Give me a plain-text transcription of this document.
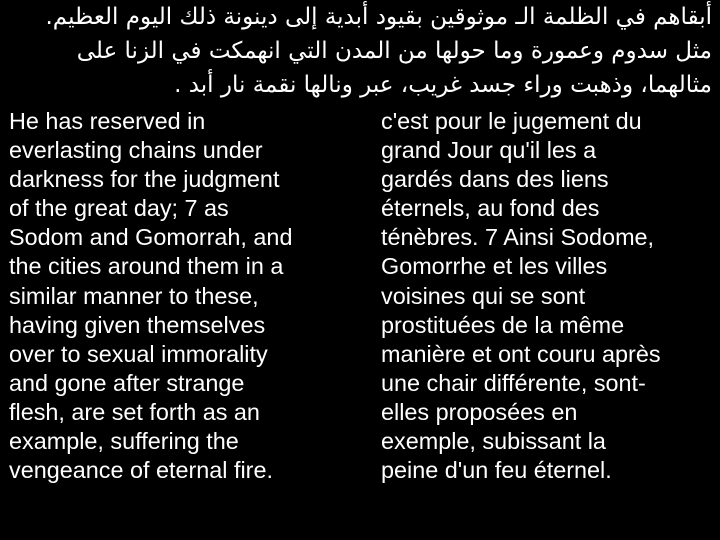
أبقاهم في الظلمة الـ موثوقين بقيود أبدية إلى دينونة ذلك اليوم العظيم.
مثل سدوم وعمورة وما حولها من المدن التي انهمكت في الزنا على
مثالهما، وذهبت وراء جسد غريب، عبر ونالها نقمة نار أبد .
He has reserved in
everlasting chains under
darkness for the judgment
of the great day; 7 as
Sodom and Gomorrah, and
the cities around them in a
similar manner to these,
having given themselves
over to sexual immorality
and gone after strange
flesh, are set forth as an
example, suffering the
vengeance of eternal fire.
c'est pour le jugement du
grand Jour qu'il les a
gardés dans des liens
éternels, au fond des
ténèbres. 7 Ainsi Sodome,
Gomorrhe et les villes
voisines qui se sont
prostituées de la même
manière et ont couru après
une chair différente, sont-
elles proposées en
exemple, subissant la
peine d'un feu éternel.
